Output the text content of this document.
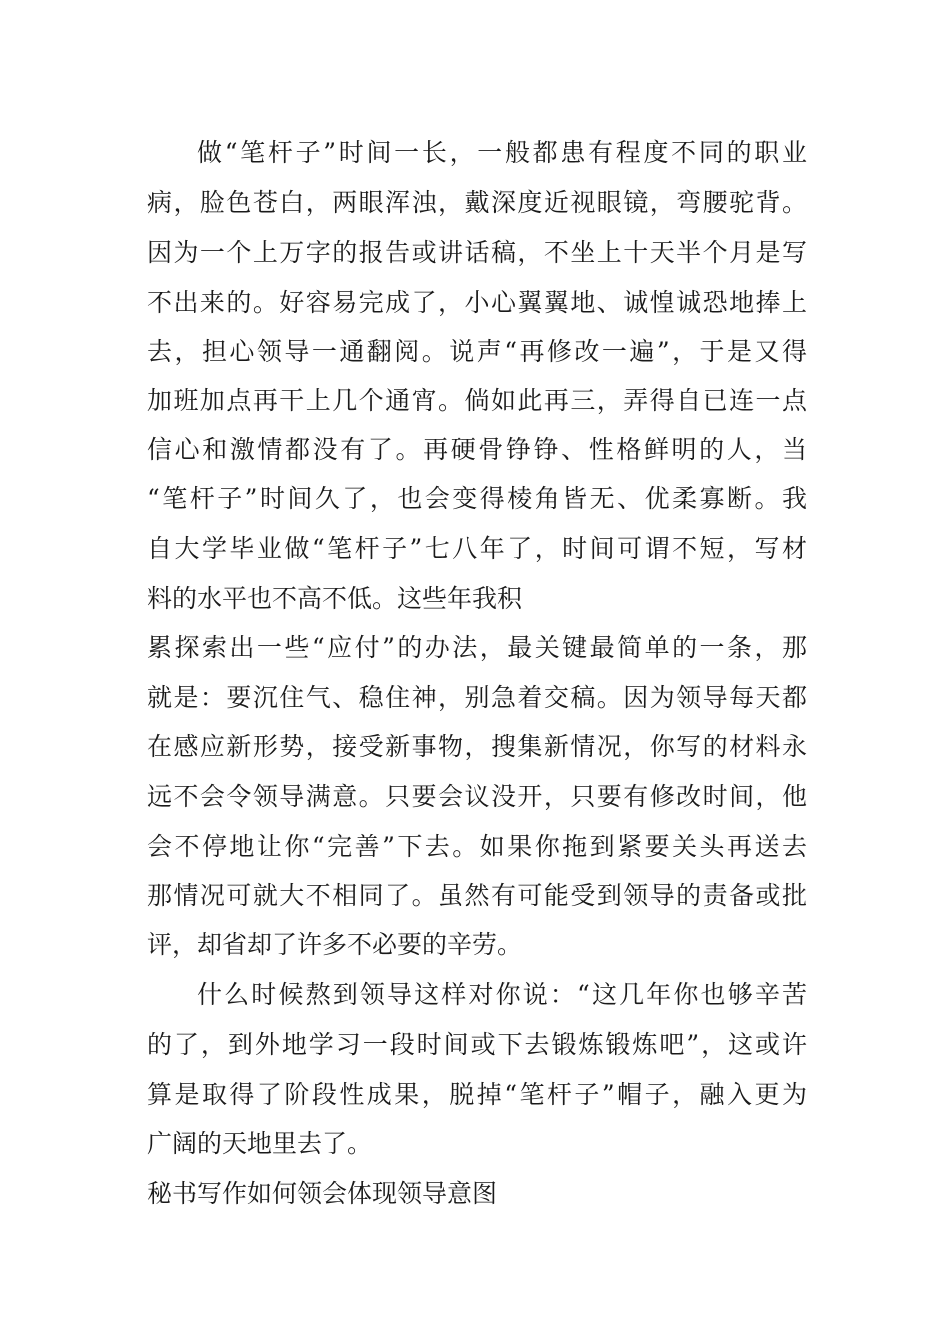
做“笔杆子”时间一长，一般都患有程度不同的职业
病，脸色苍白，两眼浑浊，戴深度近视眼镜，弯腰驼背。
因为一个上万字的报告或讲话稿，不坐上十天半个月是写
不出来的。好容易完成了，小心翼翼地、诚惶诚恐地捧上
去，担心领导一通翻阅。说声“再修改一遍”，于是又得
加班加点再干上几个通宵。倘如此再三，弄得自已连一点
信心和激情都没有了。再硬骨铮铮、性格鲜明的人，当
“笔杆子”时间久了，也会变得棱角皆无、优柔寡断。我
自大学毕业做“笔杆子”七八年了，时间可谓不短，写材
料的水平也不高不低。这些年我积
累探索出一些“应付”的办法，最关键最简单的一条，那
就是：要沉住气、稳住神，别急着交稿。因为领导每天都
在感应新形势，接受新事物，搜集新情况，你写的材料永
远不会令领导满意。只要会议没开，只要有修改时间，他
会不停地让你“完善”下去。如果你拖到紧要关头再送去
那情况可就大不相同了。虽然有可能受到领导的责备或批
评，却省却了许多不必要的辛劳。
什么时候熬到领导这样对你说：“这几年你也够辛苦
的了，到外地学习一段时间或下去锻炼锻炼吧”，这或许
算是取得了阶段性成果，脱掉“笔杆子”帽子，融入更为
广阔的天地里去了。
秘书写作如何领会体现领导意图
